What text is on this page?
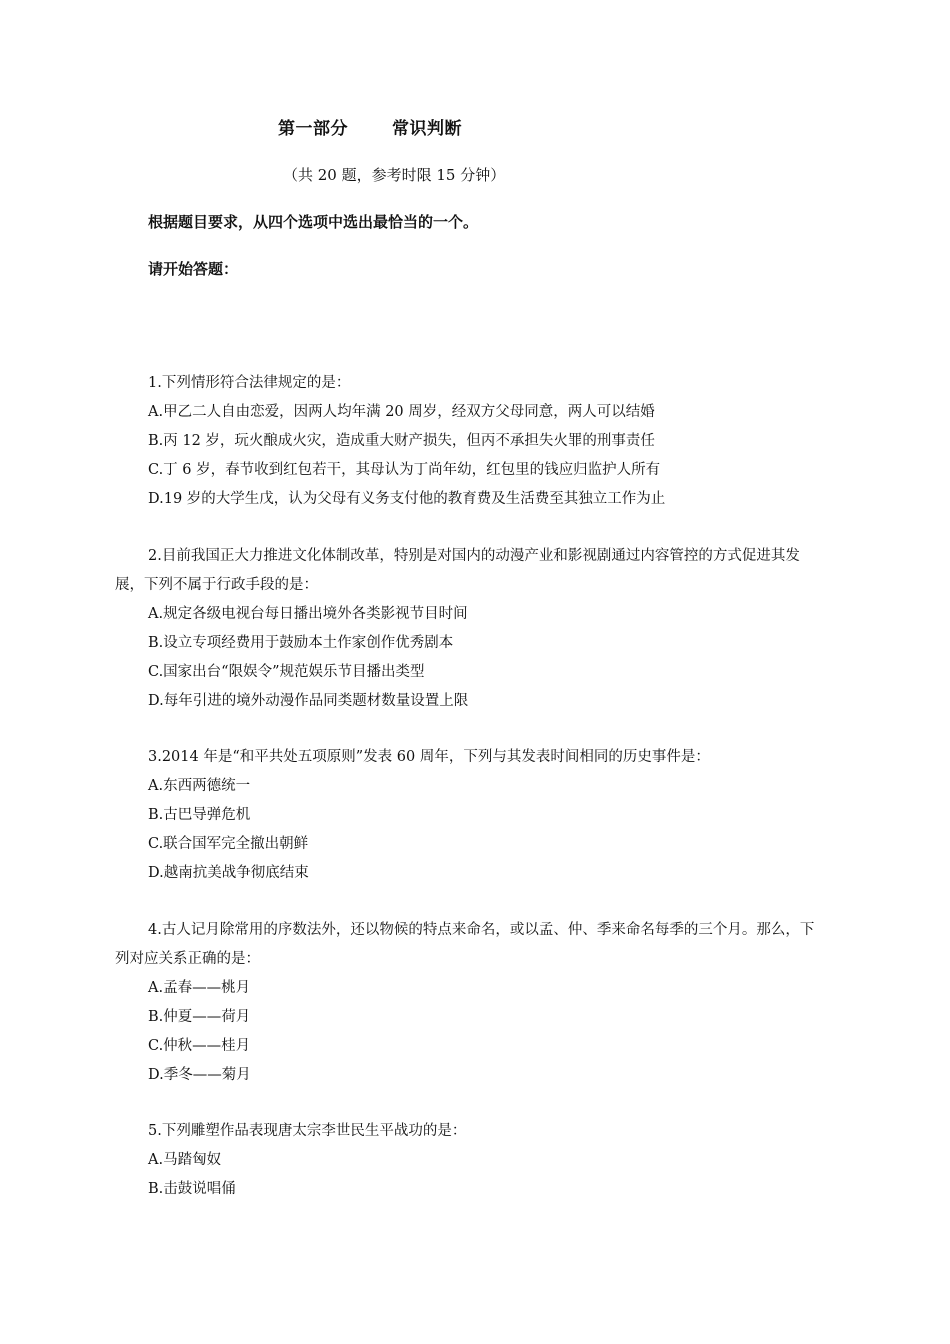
第一部分	常识判断
（共 20 题，参考时限 15 分钟）
根据题目要求，从四个选项中选出最恰当的一个。
请开始答题：

1.下列情形符合法律规定的是：

A.甲乙二人自由恋爱，因两人均年满 20 周岁，经双方父母同意，两人可以结婚

B.丙 12 岁，玩火酿成火灾，造成重大财产损失，但丙不承担失火罪的刑事责任

C.丁 6 岁，春节收到红包若干，其母认为丁尚年幼，红包里的钱应归监护人所有

D.19 岁的大学生戊，认为父母有义务支付他的教育费及生活费至其独立工作为止

2.目前我国正大力推进文化体制改革，特别是对国内的动漫产业和影视剧通过内容管控的方式促进其发展，下列不属于行政手段的是：

A.规定各级电视台每日播出境外各类影视节目时间

B.设立专项经费用于鼓励本土作家创作优秀剧本

C.国家出台“限娱令”规范娱乐节目播出类型

D.每年引进的境外动漫作品同类题材数量设置上限

3.2014 年是“和平共处五项原则”发表 60 周年，下列与其发表时间相同的历史事件是：

A.东西两德统一

B.古巴导弹危机

C.联合国军完全撤出朝鲜

D.越南抗美战争彻底结束

4.古人记月除常用的序数法外，还以物候的特点来命名，或以孟、仲、季来命名每季的三个月。那么，下列对应关系正确的是：

A.孟春——桃月

B.仲夏——荷月

C.仲秋——桂月

D.季冬——菊月

5.下列雕塑作品表现唐太宗李世民生平战功的是：

A.马踏匈奴

B.击鼓说唱俑
